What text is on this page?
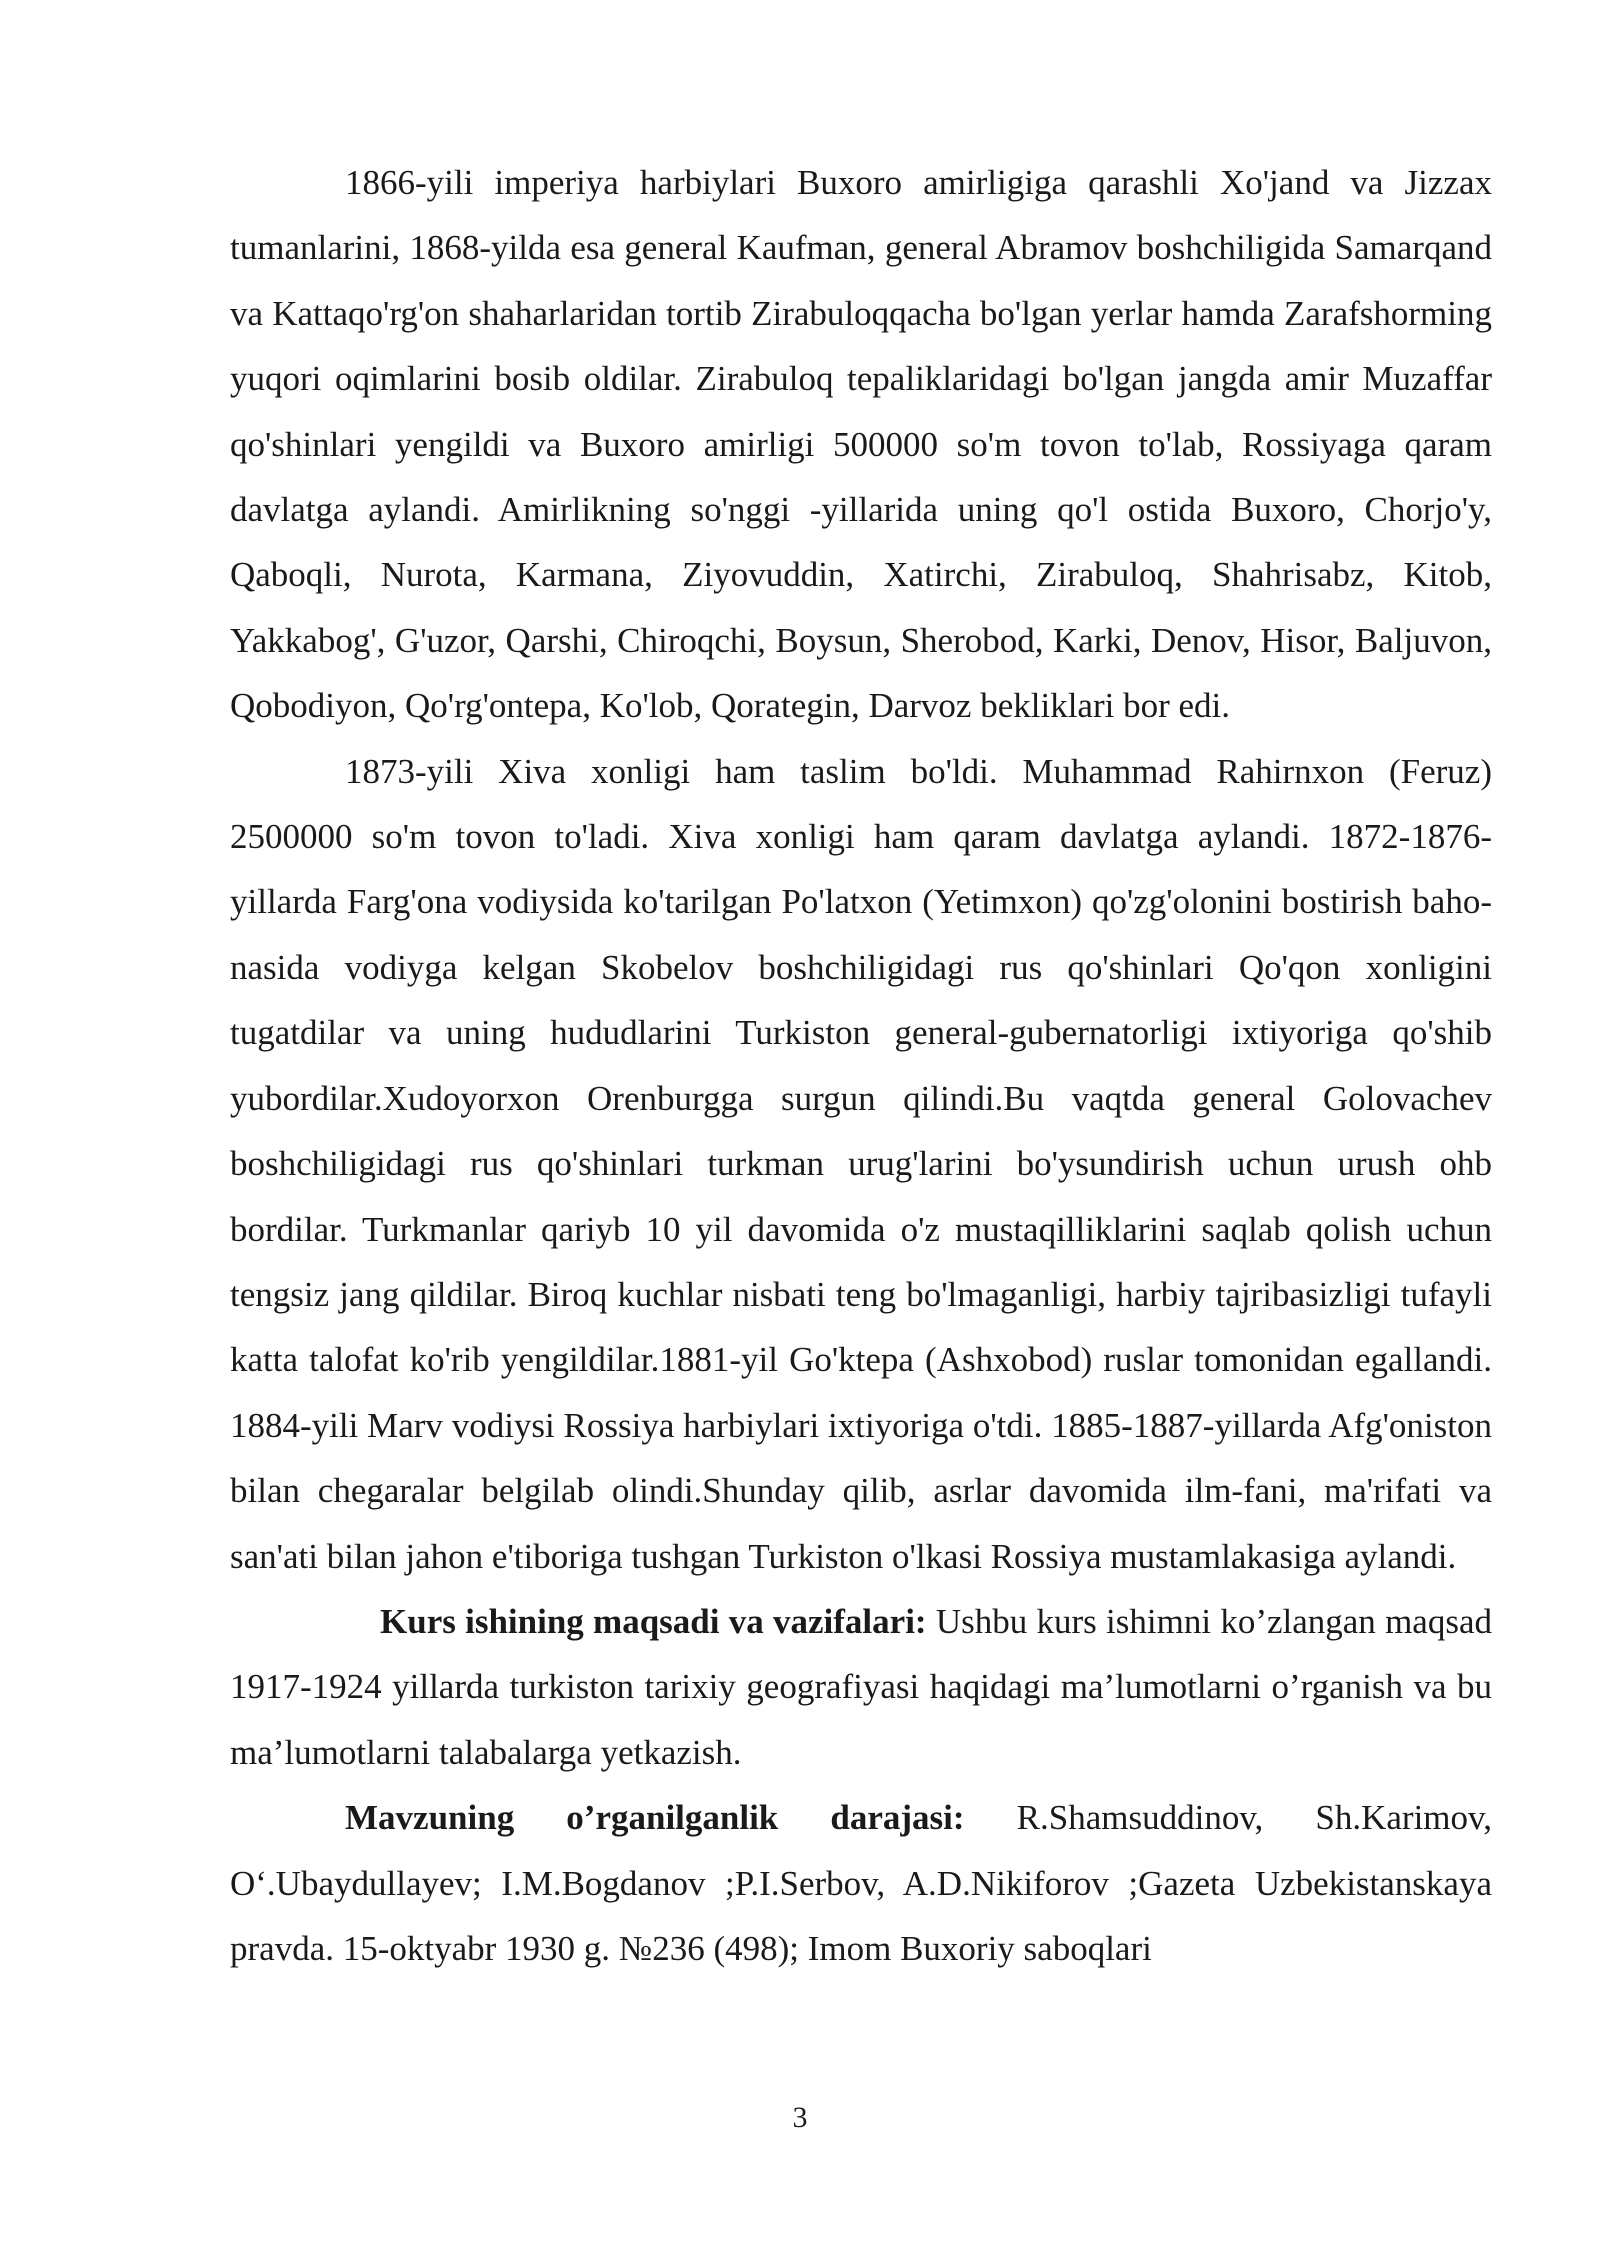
1866-yili imperiya harbiylari Buxoro amirligiga qarashli Xo'jand va Jizzax tumanlarini, 1868-yilda esa general Kaufman, general Abramov boshchiligida Samarqand va Kattaqo'rg'on shaharlaridan tortib Zirabuloqqacha bo'lgan yerlar hamda Zarafshorming yuqori oqimlarini bosib oldilar. Zirabuloq tepaliklaridagi bo'lgan jangda amir Muzaffar qo'shinlari yengildi va Buxoro amirligi 500000 so'm tovon to'lab, Rossiyaga qaram davlatga aylandi. Amirlikning so'nggi -yillarida uning qo'l ostida Buxoro, Chorjo'y, Qaboqli, Nurota, Karmana, Ziyovuddin, Xatirchi, Zirabuloq, Shahrisabz, Kitob, Yakkabog', G'uzor, Qarshi, Chiroqchi, Boysun, Sherobod, Karki, Denov, Hisor, Baljuvon, Qobodiyon, Qo'rg'ontepa, Ko'lob, Qorategin, Darvoz bekliklari bor edi.

1873-yili Xiva xonligi ham taslim bo'ldi. Muhammad Rahirnxon (Feruz) 2500000 so'm tovon to'ladi. Xiva xonligi ham qaram davlatga aylandi. 1872-1876-yillarda Farg'ona vodiysida ko'tarilgan Po'latxon (Yetimxon) qo'zg'olonini bostirish baho-nasida vodiyga kelgan Skobelov boshchiligidagi rus qo'shinlari Qo'qon xonligini tugatdilar va uning hududlarini Turkiston general-gubernatorligi ixtiyoriga qo'shib yubordilar.Xudoyorxon Orenburgga surgun qilindi.Bu vaqtda general Golovachev boshchiligidagi rus qo'shinlari turkman urug'larini bo'ysundirish uchun urush ohb bordilar. Turkmanlar qariyb 10 yil davomida o'z mustaqilliklarini saqlab qolish uchun tengsiz jang qildilar. Biroq kuchlar nisbati teng bo'lmaganligi, harbiy tajribasizligi tufayli katta talofat ko'rib yengildilar.1881-yil Go'ktepa (Ashxobod) ruslar tomonidan egallandi. 1884-yili Marv vodiysi Rossiya harbiylari ixtiyoriga o'tdi. 1885-1887-yillarda Afg'oniston bilan chegaralar belgilab olindi.Shunday qilib, asrlar davomida ilm-fani, ma'rifati va san'ati bilan jahon e'tiboriga tushgan Turkiston o'lkasi Rossiya mustamlakasiga aylandi.

Kurs ishining maqsadi va vazifalari: Ushbu kurs ishimni ko’zlangan maqsad 1917-1924 yillarda turkiston tarixiy geografiyasi haqidagi ma’lumotlarni o’rganish va bu ma’lumotlarni talabalarga yetkazish.

Mavzuning o’rganilganlik darajasi: R.Shamsuddinov, Sh.Karimov, O‘.Ubaydullayev; I.M.Bogdanov ;P.I.Serbov, A.D.Nikiforov ;Gazeta Uzbekistanskaya pravda. 15-oktyabr 1930 g. №236 (498); Imom Buxoriy saboqlari

3
